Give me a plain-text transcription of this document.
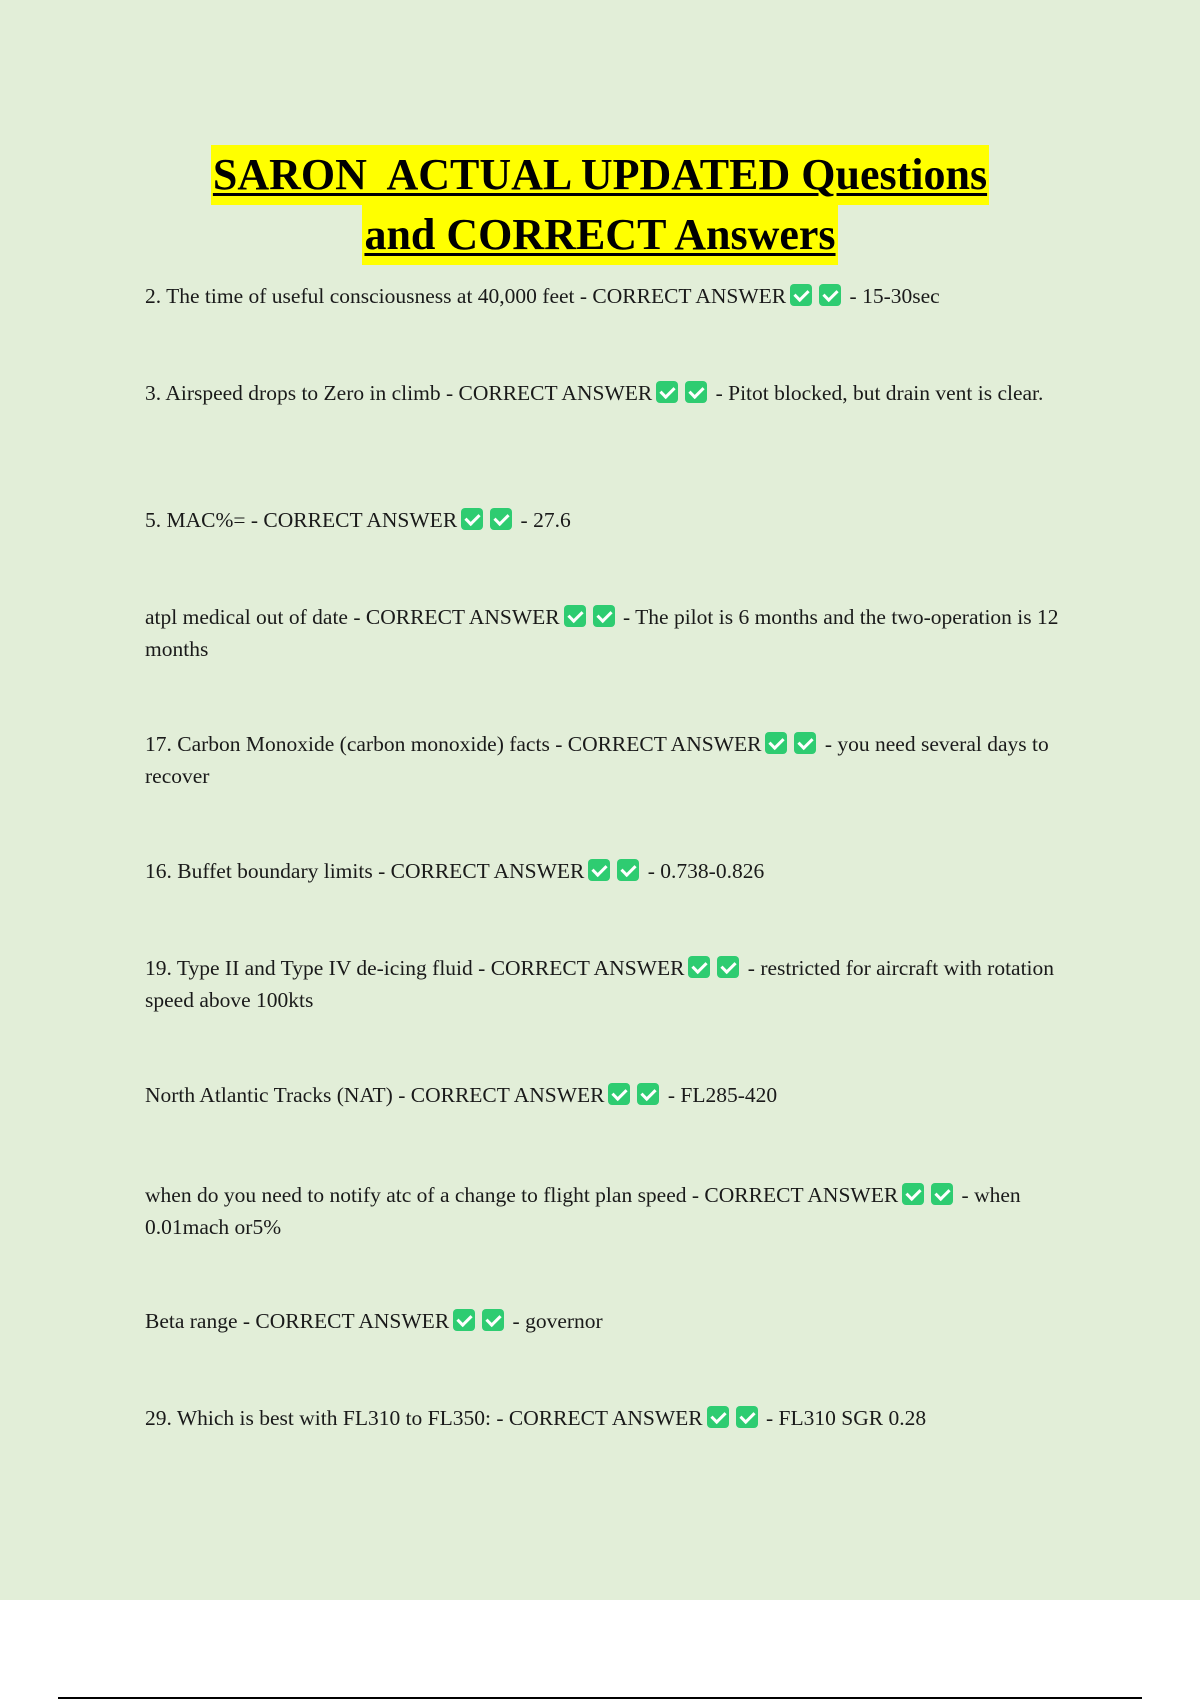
SARON  ACTUAL UPDATED Questions
and CORRECT Answers
2. The time of useful consciousness at 40,000 feet - CORRECT ANSWER	- 15-30sec
3. Airspeed drops to Zero in climb - CORRECT ANSWER	- Pitot blocked, but drain vent is clear.
5. MAC%= - CORRECT ANSWER	- 27.6
atpl medical out of date - CORRECT ANSWER	- The pilot is 6 months and the two-operation is 12 months
17. Carbon Monoxide (carbon monoxide) facts - CORRECT ANSWER	- you need several days to recover
16. Buffet boundary limits - CORRECT ANSWER	- 0.738-0.826
19. Type II and Type IV de-icing fluid - CORRECT ANSWER	- restricted for aircraft with rotation speed above 100kts
North Atlantic Tracks (NAT) - CORRECT ANSWER	- FL285-420
when do you need to notify atc of a change to flight plan speed - CORRECT ANSWER	- when 0.01mach or5%
Beta range - CORRECT ANSWER	- governor
29. Which is best with FL310 to FL350: - CORRECT ANSWER	- FL310 SGR 0.28
